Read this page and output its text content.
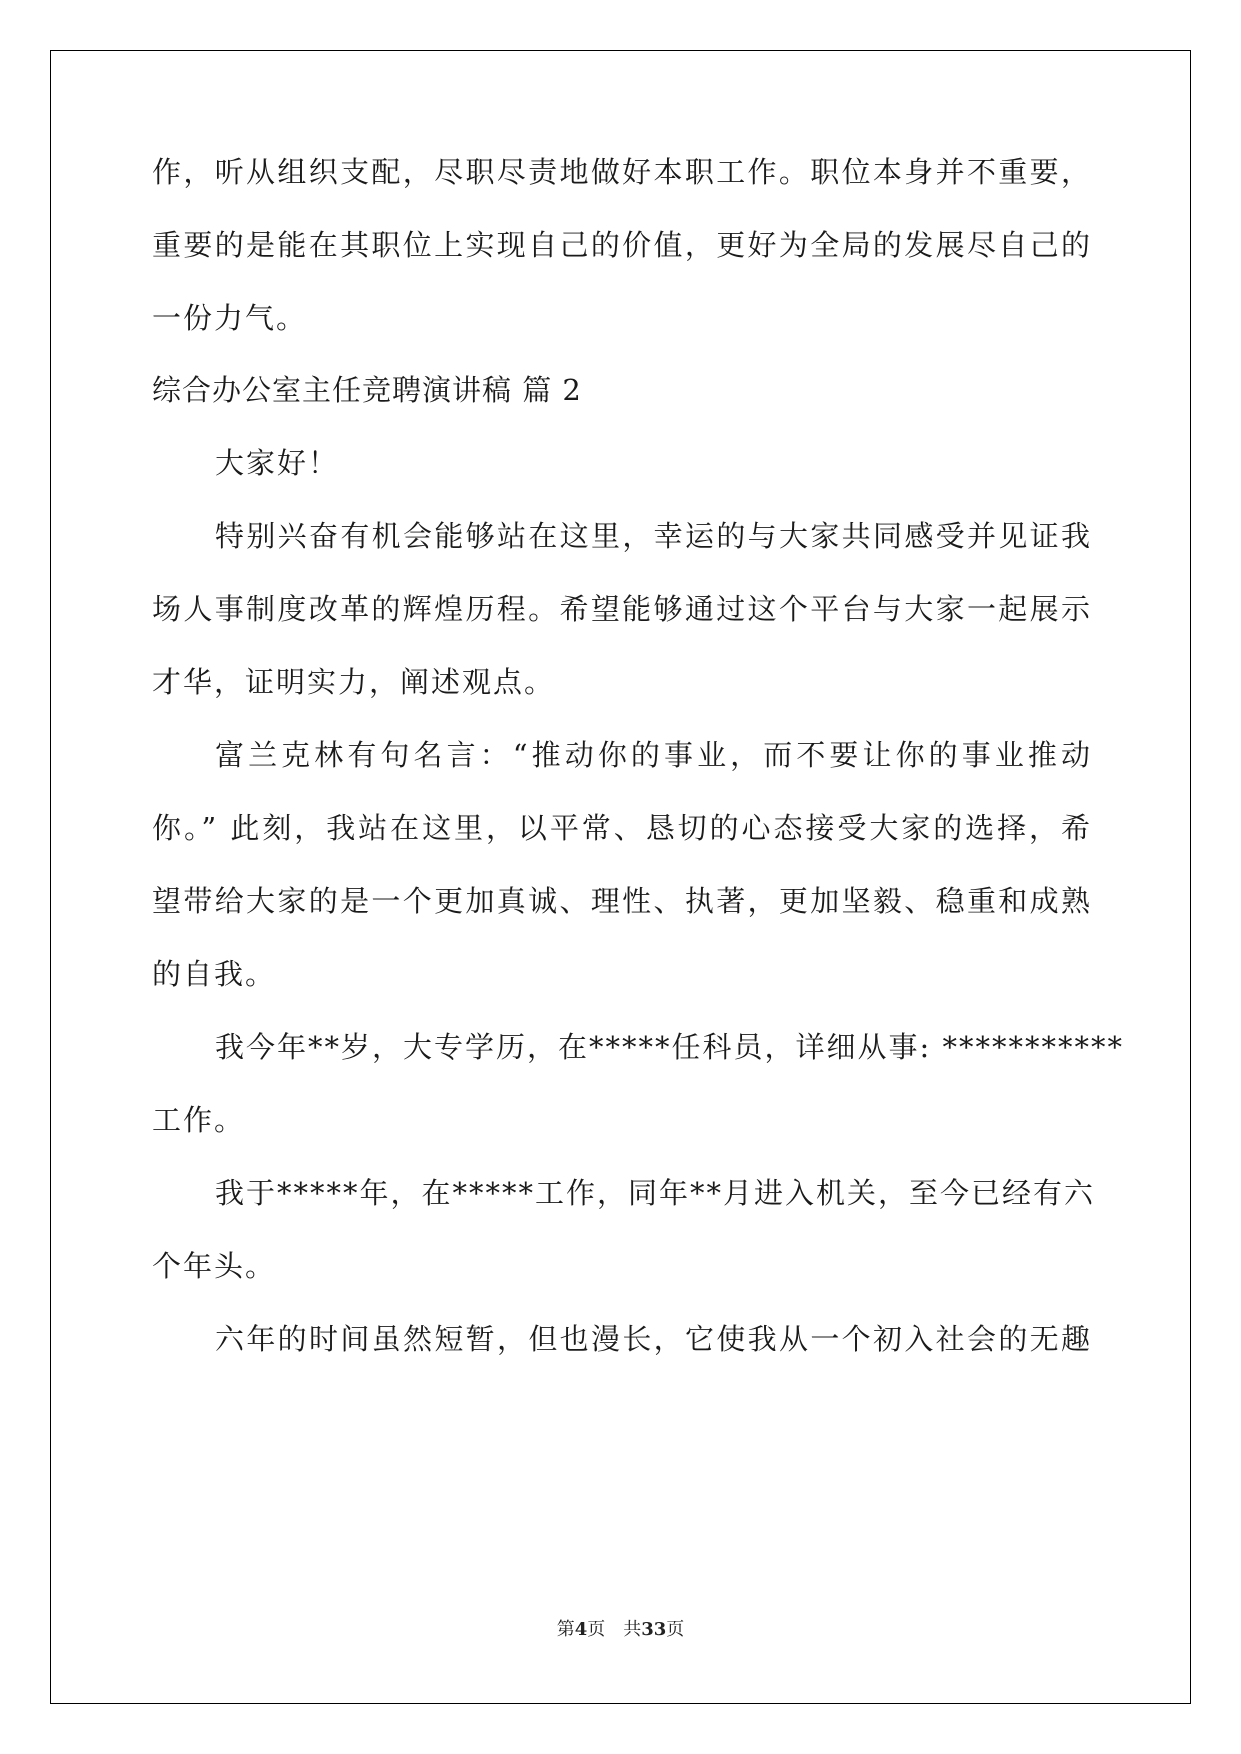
作，听从组织支配，尽职尽责地做好本职工作。职位本身并不重要，
重要的是能在其职位上实现自己的价值，更好为全局的发展尽自己的
一份力气。
综合办公室主任竞聘演讲稿 篇 2
大家好！
特别兴奋有机会能够站在这里，幸运的与大家共同感受并见证我
场人事制度改革的辉煌历程。希望能够通过这个平台与大家一起展示
才华，证明实力，阐述观点。
富兰克林有句名言：“推动你的事业，而不要让你的事业推动
你。” 此刻，我站在这里，以平常、恳切的心态接受大家的选择，希
望带给大家的是一个更加真诚、理性、执著，更加坚毅、稳重和成熟
的自我。
我今年**岁，大专学历，在*****任科员，详细从事: ***********
工作。
我于*****年，在*****工作，同年**月进入机关，至今已经有六
个年头。
六年的时间虽然短暂，但也漫长，它使我从一个初入社会的无趣
第4页 共33页
